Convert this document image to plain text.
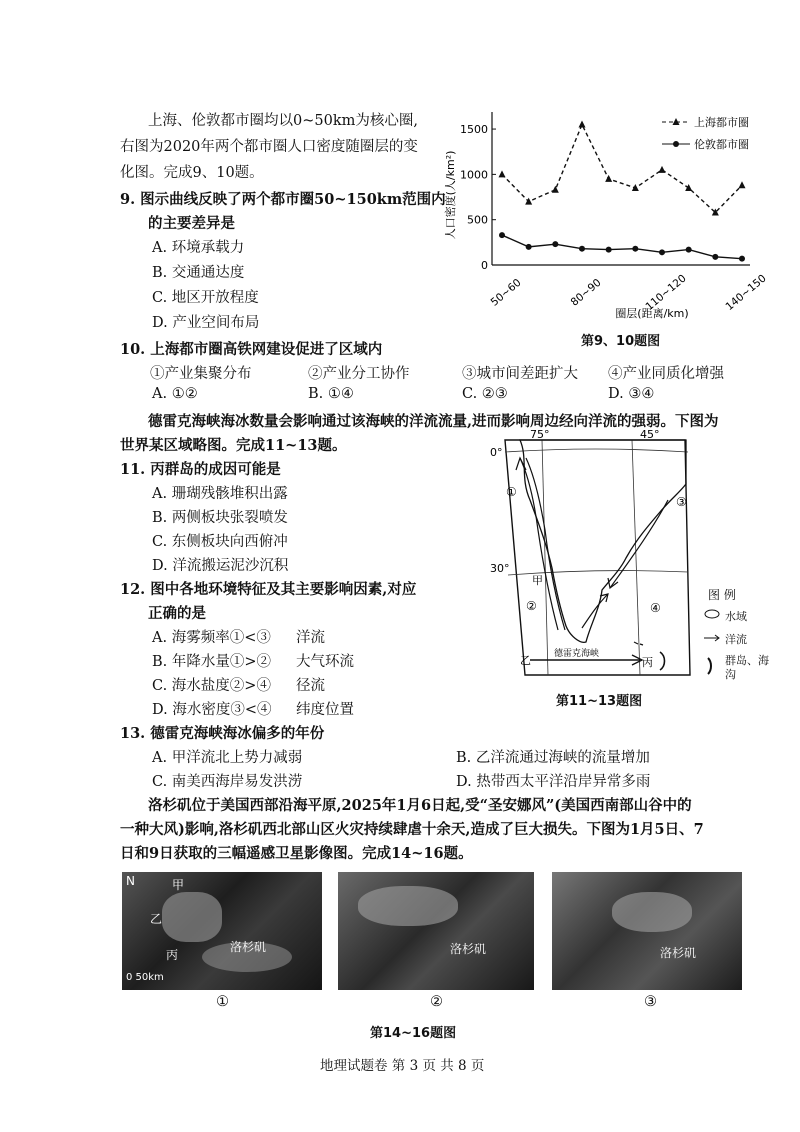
上海、伦敦都市圈均以0~50km为核心圈,
右图为2020年两个都市圈人口密度随圈层的变
化图。完成9、10题。
9. 图示曲线反映了两个都市圈50~150km范围内
的主要差异是
A. 环境承载力
B. 交通通达度
C. 地区开放程度
D. 产业空间布局
0
500
1000
1500
人口密度(人/km²)
50~60	80~90	110~120	140~150
圈层(距离/km)
上海都市圈
伦敦都市圈
第9、10题图
10. 上海都市圈高铁网建设促进了区域内
①产业集聚分布	②产业分工协作	③城市间差距扩大 ④产业同质化增强
A. ①②	B. ①④	C. ②③	D. ③④
德雷克海峡海冰数量会影响通过该海峡的洋流流量,进而影响周边经向洋流的强弱。下图为
世界某区域略图。完成11~13题。
11. 丙群岛的成因可能是
A. 珊瑚残骸堆积出露
B. 两侧板块张裂喷发
C. 东侧板块向西俯冲
D. 洋流搬运泥沙沉积
12. 图中各地环境特征及其主要影响因素,对应
正确的是
A. 海雾频率①<③ 洋流
B. 年降水量①>② 大气环流
C. 海水盐度②>④ 径流
D. 海水密度③<④ 纬度位置
75°	45°
0°
30°
①
②
③
④
甲
乙	丙
德雷克海峡
图 例
水域
洋流
群岛、海沟
第11~13题图
13. 德雷克海峡海冰偏多的年份
A. 甲洋流北上势力减弱	B. 乙洋流通过海峡的流量增加
C. 南美西海岸易发洪涝	D. 热带西太平洋沿岸异常多雨
洛杉矶位于美国西部沿海平原,2025年1月6日起,受“圣安娜风”(美国西南部山谷中的
一种大风)影响,洛杉矶西北部山区火灾持续肆虐十余天,造成了巨大损失。下图为1月5日、7
日和9日获取的三幅遥感卫星影像图。完成14~16题。
N	甲
乙
丙
洛杉矶
0 50km
洛杉矶	洛杉矶
①	②	③
第14~16题图
地理试题卷 第 3 页 共 8 页
